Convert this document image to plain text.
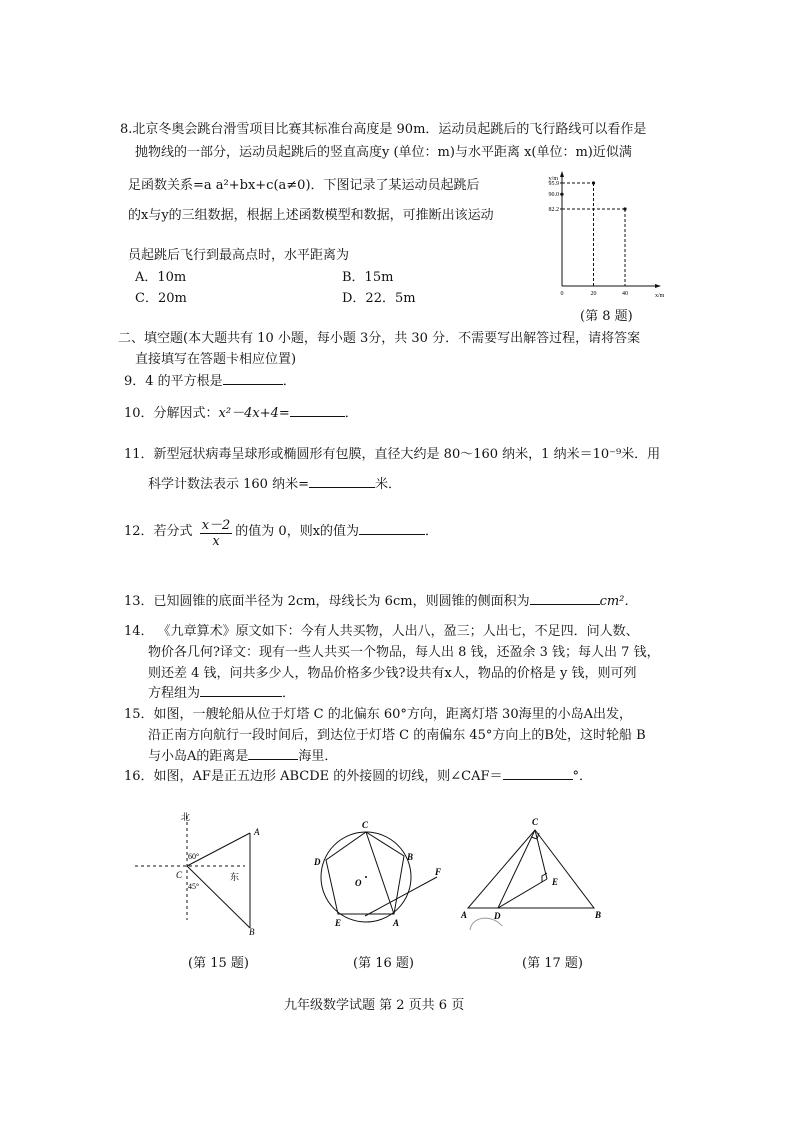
8.北京冬奥会跳台滑雪项目比赛其标准台高度是 90m．运动员起跳后的飞行路线可以看作是
抛物线的一部分，运动员起跳后的竖直高度y (单位：m)与水平距离 x(单位：m)近似满
足函数关系=a a²+bx+c(a≠0)．下图记录了某运动员起跳后
的x与y的三组数据，根据上述函数模型和数据，可推断出该运动
员起跳后飞行到最高点时，水平距离为
A．10m	B．15m
C．20m	D．22．5m
y/m
x/m
0	20	40
95.9
90.0
82.2
(第 8 题)
二、填空题(本大题共有 10 小题，每小题 3分，共 30 分．不需要写出解答过程，请将答案
直接填写在答题卡相应位置)
9．4 的平方根是	．
10．分解因式：x²－4x+4=	．
11．新型冠状病毒呈球形或椭圆形有包膜，直径大约是 80～160 纳米，1 纳米＝10⁻⁹米．用
科学计数法表示 160 纳米=	米．
12．若分式 $\frac{x-2}{x}$ 的值为 0，则x的值为	．
13．已知圆锥的底面半径为 2cm，母线长为 6cm，则圆锥的侧面积为	cm²．
14． 《九章算术》原文如下：今有人共买物，人出八，盈三；人出七，不足四．问人数、
物价各几何?译文：现有一些人共买一个物品，每人出 8 钱，还盈余 3 钱；每人出 7 钱，
则还差 4 钱，问共多少人，物品价格多少钱?设共有x人，物品的价格是 y 钱，则可列
方程组为	．
15．如图，一艘轮船从位于灯塔 C 的北偏东 60°方向，距离灯塔 30海里的小岛A出发，
沿正南方向航行一段时间后，到达位于灯塔 C 的南偏东 45°方向上的B处，这时轮船 B
与小岛A的距离是	海里．
16．如图，AF是正五边形 ABCDE 的外接圆的切线，则∠CAF＝	°．
北
东
A
B
C
60°
45°
(第 15 题)
C
B
D
E	A
F
O
(第 16 题)
C
A	D	B
E
(第 17 题)
九年级数学试题 第 2 页共 6 页
